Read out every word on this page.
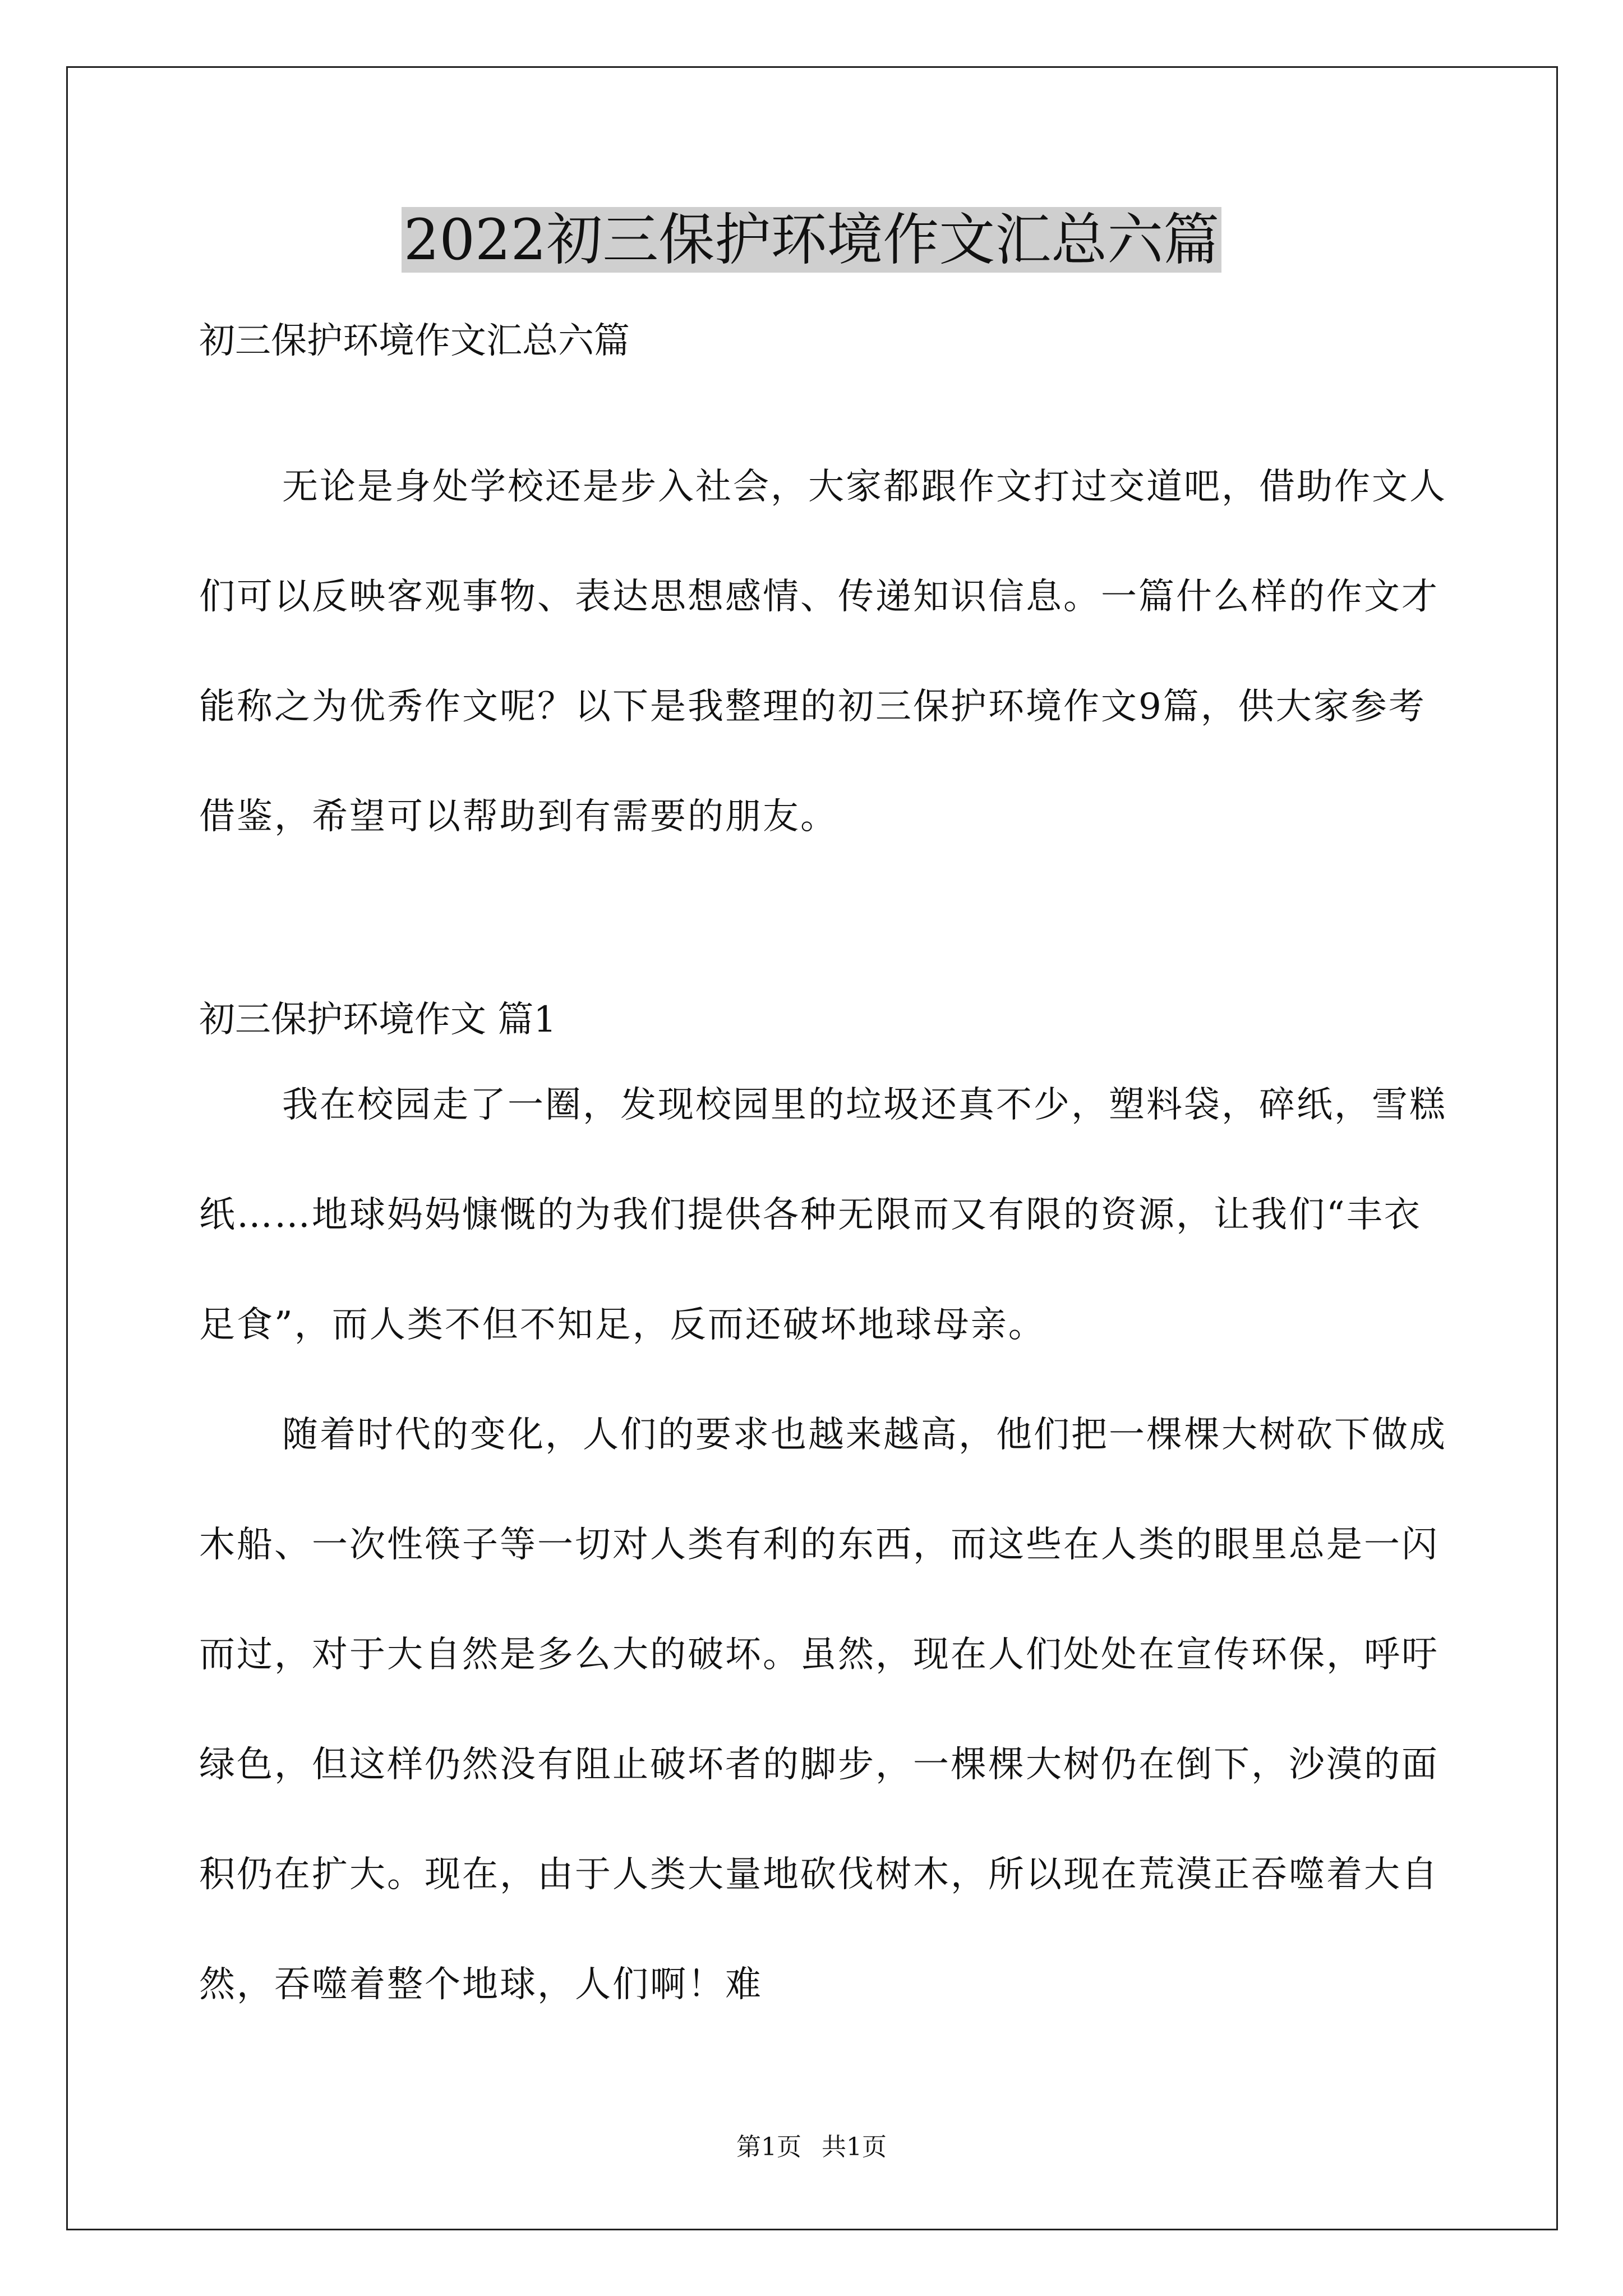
2022初三保护环境作文汇总六篇

初三保护环境作文汇总六篇

无论是身处学校还是步入社会，大家都跟作文打过交道吧，借助作文人们可以反映客观事物、表达思想感情、传递知识信息。一篇什么样的作文才能称之为优秀作文呢？以下是我整理的初三保护环境作文9篇，供大家参考借鉴，希望可以帮助到有需要的朋友。

初三保护环境作文 篇1

我在校园走了一圈，发现校园里的垃圾还真不少，塑料袋，碎纸，雪糕纸……地球妈妈慷慨的为我们提供各种无限而又有限的资源，让我们“丰衣足食”，而人类不但不知足，反而还破坏地球母亲。

随着时代的变化，人们的要求也越来越高，他们把一棵棵大树砍下做成木船、一次性筷子等一切对人类有利的东西，而这些在人类的眼里总是一闪而过，对于大自然是多么大的破坏。虽然，现在人们处处在宣传环保，呼吁绿色，但这样仍然没有阻止破坏者的脚步，一棵棵大树仍在倒下，沙漠的面积仍在扩大。现在，由于人类大量地砍伐树木，所以现在荒漠正吞噬着大自然，吞噬着整个地球，人们啊！难

第1页 共1页
